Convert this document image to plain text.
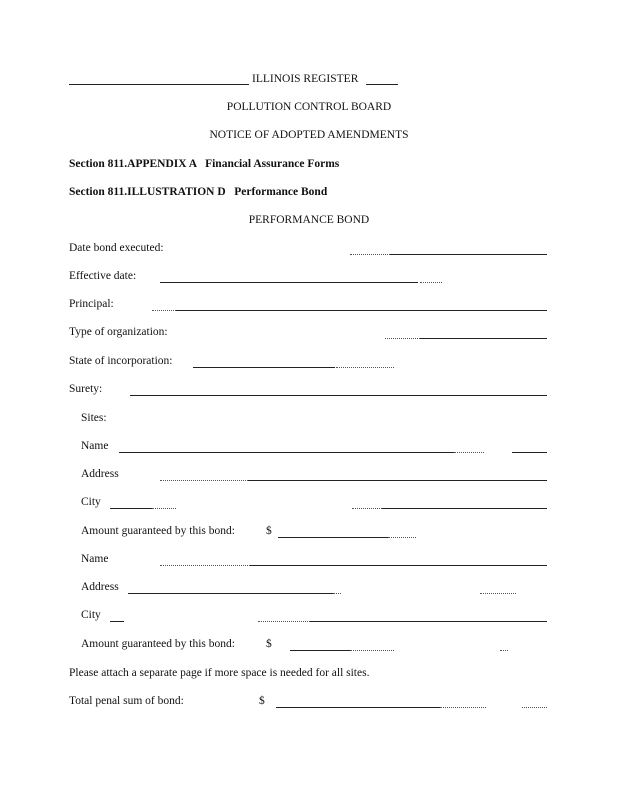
ILLINOIS REGISTER
POLLUTION CONTROL BOARD
NOTICE OF ADOPTED AMENDMENTS
Section 811.APPENDIX A   Financial Assurance Forms
Section 811.ILLUSTRATION D   Performance Bond
PERFORMANCE BOND
Date bond executed:
Effective date:
Principal:
Type of organization:
State of incorporation:
Surety:
Sites:
Name
Address
City
Amount guaranteed by this bond:	$
Name
Address
City
Amount guaranteed by this bond:	$
Please attach a separate page if more space is needed for all sites.
Total penal sum of bond:	$
